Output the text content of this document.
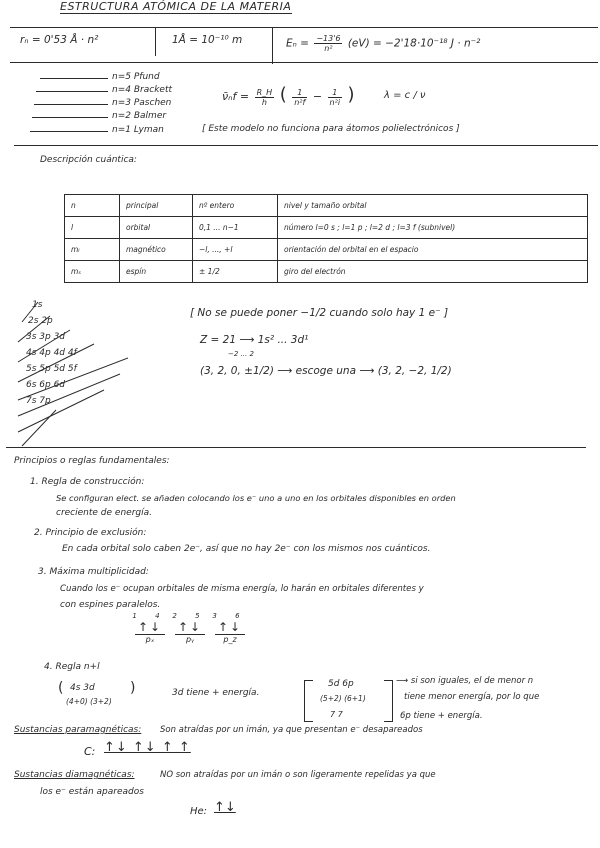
ESTRUCTURA ATÓMICA DE LA MATERIA
rₙ = 0'53 Å · n²	1Å = 10⁻¹⁰ m	$E_n = \frac{-13'6}{\text{n²}} (eV) = -2'18\cdot 10^{-18}$ J · n⁻²
n=5 Pfund
n=4 Brackett
n=3 Paschen
n=2 Balmer
n=1 Lyman
ν̄ₙf = $\frac{R\_H}{h}$ ( $\frac{1}{\text{n²f}} - \frac{1}{\text{n²i}}$ )	λ = c / ν
[ Este modelo no funciona para átomos polielectrónicos ]
Descripción cuántica:
n	principal	nº entero	nivel y tamaño orbital
l	orbital	0,1 ... n−1	número l=0 s ; l=1 p ; l=2 d ; l=3 f (subnivel)
mₗ	magnético	−l, ..., +l	orientación del orbital en el espacio
mₛ	espín	± 1/2	giro del electrón
1s
2s 2p
3s 3p 3d
4s 4p 4d 4f
5s 5p 5d 5f
6s 6p 6d
7s 7p
[ No se puede poner −1/2 cuando solo hay 1 e⁻ ]
Z = 21 ⟶ 1s² ... 3d¹
−2 ... 2
(3, 2, 0, ±1/2) ⟶ escoge una ⟶ (3, 2, −2, 1/2)
Principios o reglas fundamentales:
1. Regla de construcción:
Se configuran elect. se añaden colocando los e⁻ uno a uno en los orbitales disponibles en orden
creciente de energía.
2. Principio de exclusión:
En cada orbital solo caben 2e⁻, así que no hay 2e⁻ con los mismos nos cuánticos.
3. Máxima multiplicidad:
Cuando los e⁻ ocupan orbitales de misma energía, lo harán en orbitales diferentes y
con espines paralelos.
1 4
↑↓
pₓ
2 5
↑↓
pᵧ
3 6
↑↓
p_z
4. Regla n+l
( 4s 3d
(4+0) (3+2)
)	3d tiene + energía.
5d 6p
(5+2) (6+1)
7 7
⟶ si son iguales, el de menor n
tiene menor energía, por lo que
6p tiene + energía.
Sustancias paramagnéticas: Son atraídas por un imán, ya que presentan e⁻ desapareados
C: ↑↓ ↑↓ ↑ ↑
Sustancias diamagnéticas:	NO son atraídas por un imán o son ligeramente repelidas ya que
los e⁻ están apareados
He: ↑↓
